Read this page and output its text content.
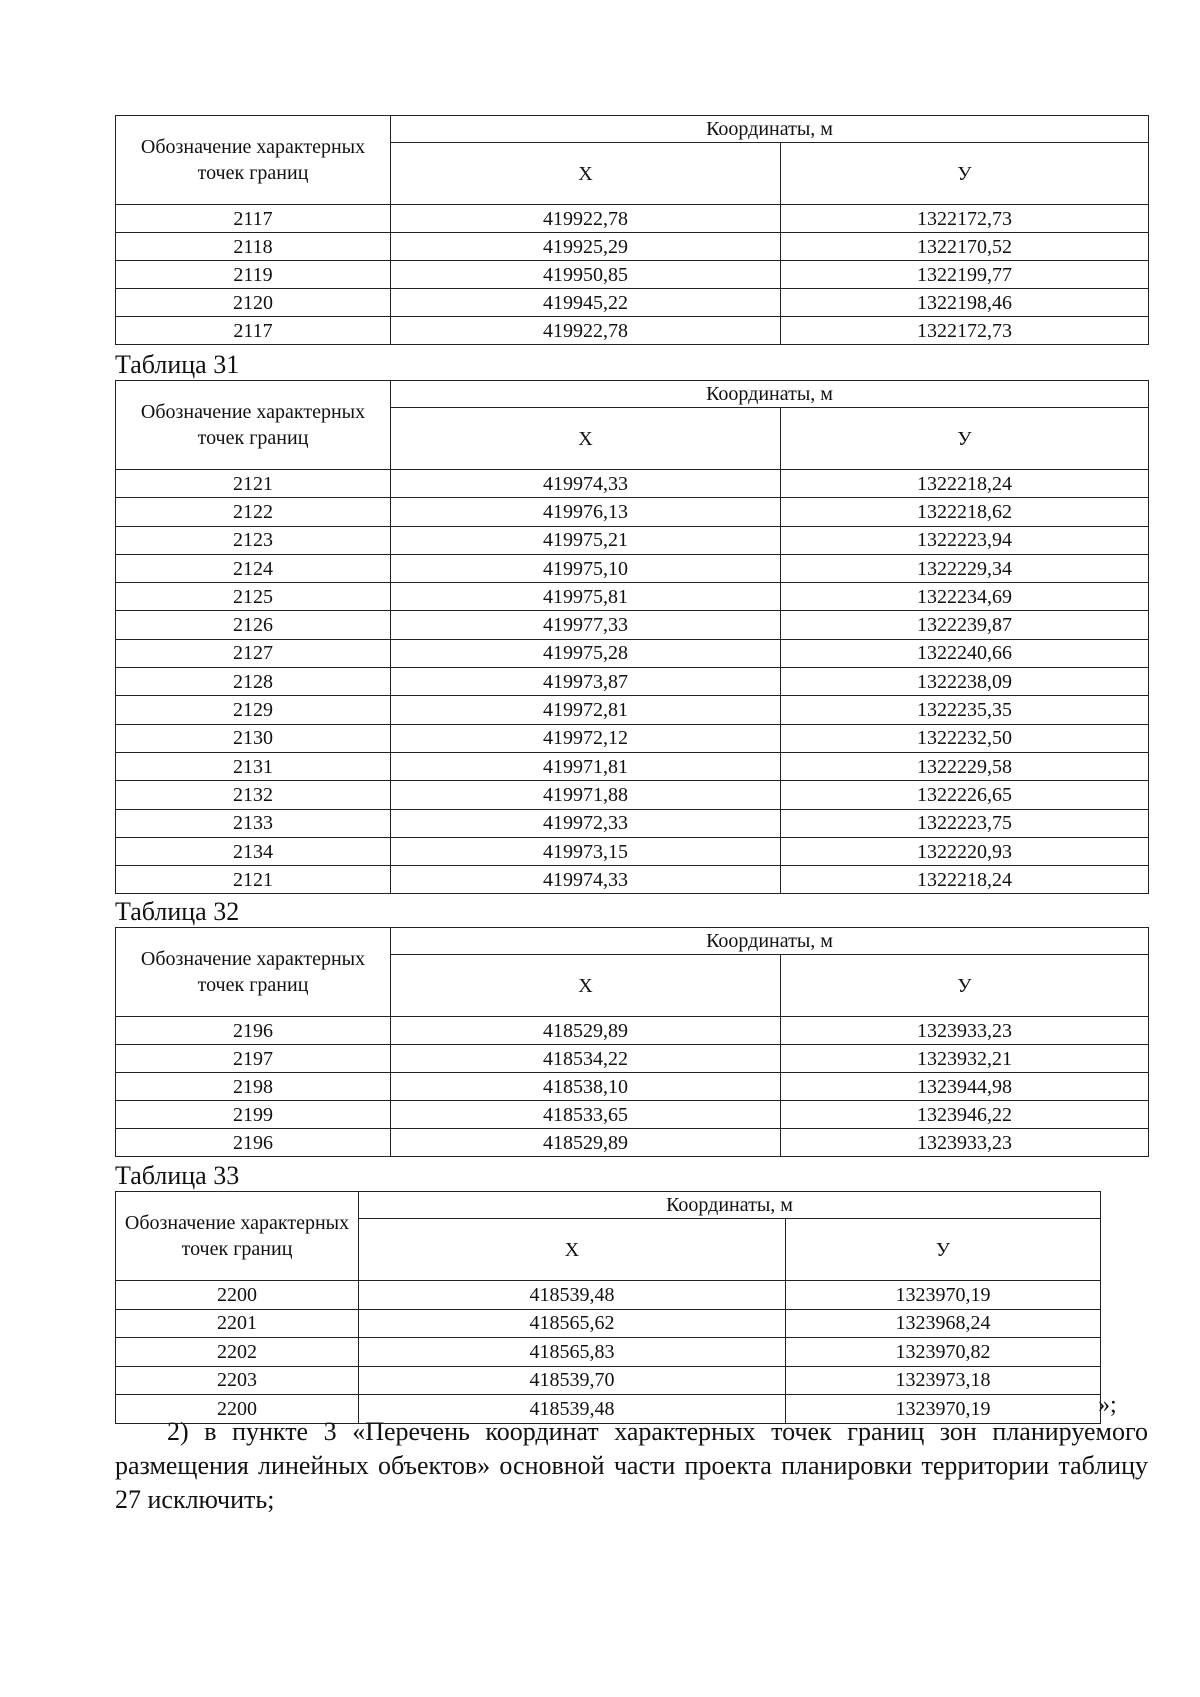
Обозначение характерных точек границ	Координаты, м	
	Х	У
2117	419922,78	1322172,73
2118	419925,29	1322170,52
2119	419950,85	1322199,77
2120	419945,22	1322198,46
2117	419922,78	1322172,73
Таблица 31
Обозначение характерных точек границ	Координаты, м	
	Х	У
2121	419974,33	1322218,24
2122	419976,13	1322218,62
2123	419975,21	1322223,94
2124	419975,10	1322229,34
2125	419975,81	1322234,69
2126	419977,33	1322239,87
2127	419975,28	1322240,66
2128	419973,87	1322238,09
2129	419972,81	1322235,35
2130	419972,12	1322232,50
2131	419971,81	1322229,58
2132	419971,88	1322226,65
2133	419972,33	1322223,75
2134	419973,15	1322220,93
2121	419974,33	1322218,24
Таблица 32
Обозначение характерных точек границ	Координаты, м	
	Х	У
2196	418529,89	1323933,23
2197	418534,22	1323932,21
2198	418538,10	1323944,98
2199	418533,65	1323946,22
2196	418529,89	1323933,23
Таблица 33
Обозначение характерных точек границ	Координаты, м	
	Х	У
2200	418539,48	1323970,19
2201	418565,62	1323968,24
2202	418565,83	1323970,82
2203	418539,70	1323973,18
2200	418539,48	1323970,19	»;

2) в пункте 3 «Перечень координат характерных точек границ зон планируемого размещения линейных объектов» основной части проекта планировки территории таблицу 27 исключить;
